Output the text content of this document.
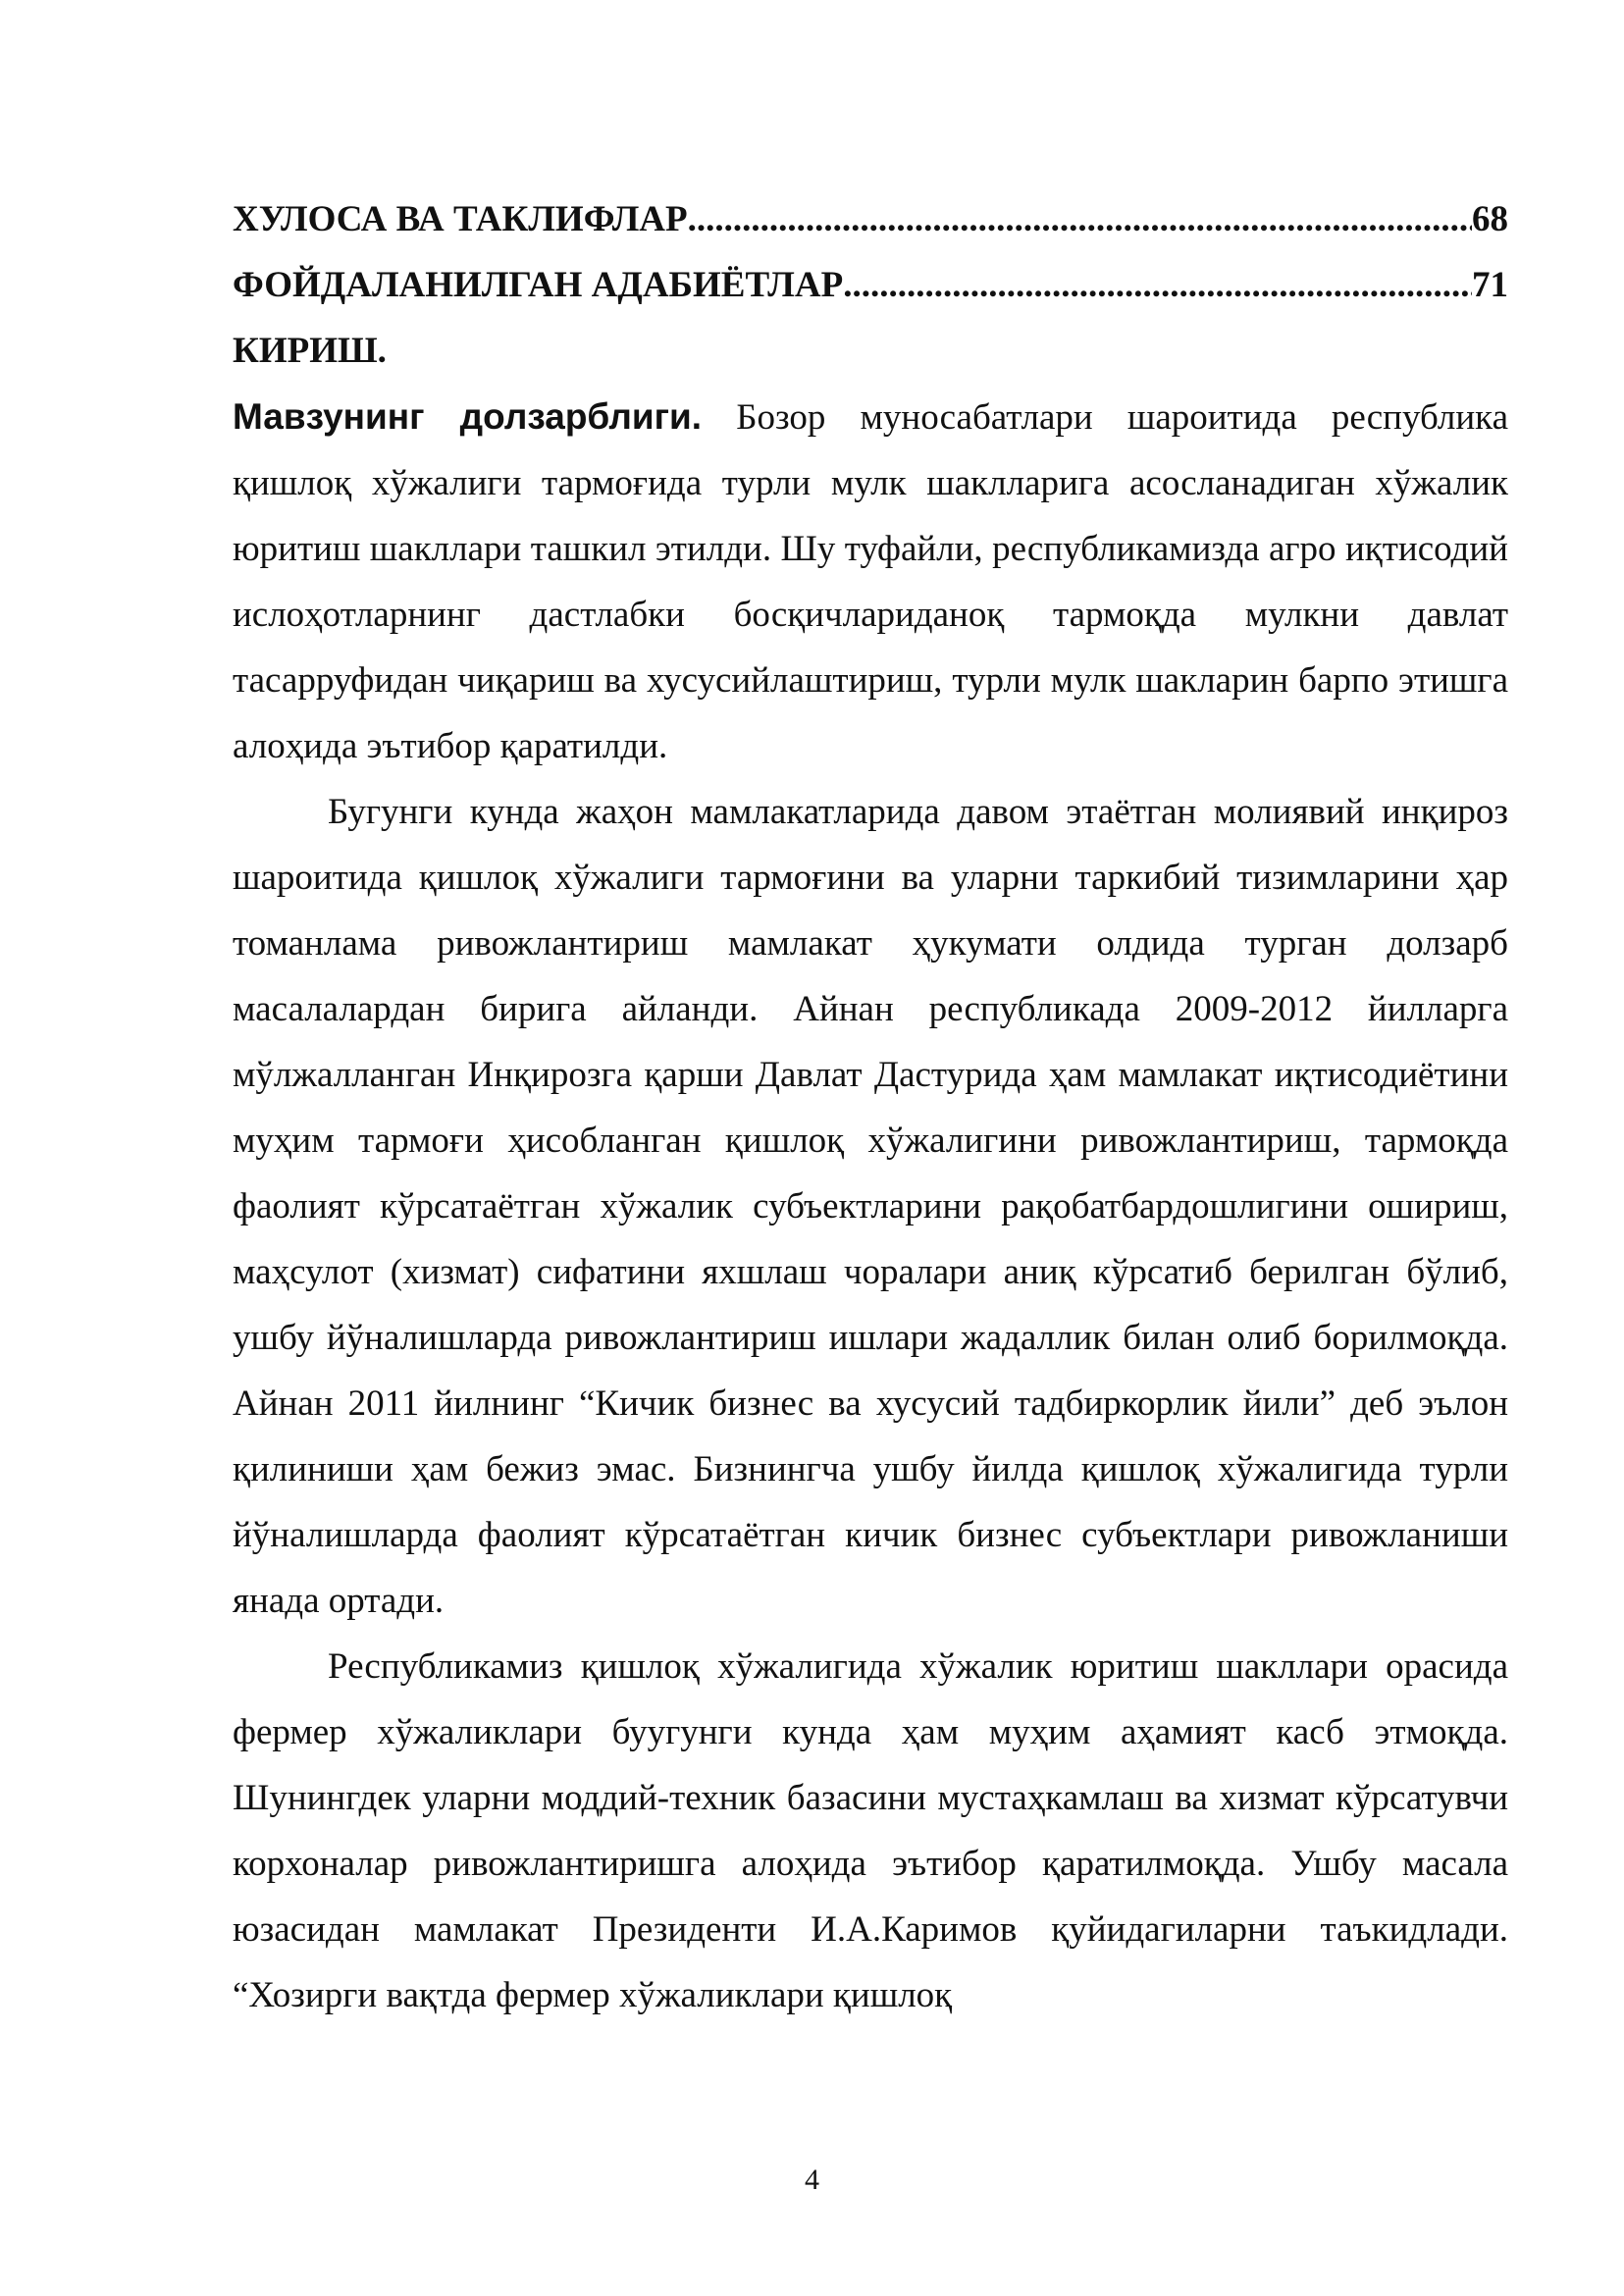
ХУЛОСА ВА ТАКЛИФЛАР .....	68
ФОЙДАЛАНИЛГАН АДАБИЁТЛАР .....	71
КИРИШ.

Мавзунинг долзарблиги. Бозор муносабатлари шароитида республика қишлоқ хўжалиги тармоғида турли мулк шаклларига асосланадиган хўжалик юритиш шакллари ташкил этилди. Шу туфайли, республикамизда агро иқтисодий ислоҳотларнинг дастлабки босқичлариданоқ тармоқда мулкни давлат тасарруфидан чиқариш ва хусусийлаштириш, турли мулк шакларин барпо этишга алоҳида эътибор қаратилди.

Бугунги кунда жаҳон мамлакатларида давом этаётган молиявий инқироз шароитида қишлоқ хўжалиги тармоғини ва уларни таркибий тизимларини ҳар томанлама ривожлантириш мамлакат ҳукумати олдида турган долзарб масалалардан бирига айланди. Айнан республикада 2009-2012 йилларга мўлжалланган Инқирозга қарши Давлат Дастурида ҳам мамлакат иқтисодиётини муҳим тармоғи ҳисобланган қишлоқ хўжалигини ривожлантириш, тармоқда фаолият кўрсатаётган хўжалик субъектларини рақобатбардошлигини ошириш, маҳсулот (хизмат) сифатини яхшлаш чоралари аниқ кўрсатиб берилган бўлиб, ушбу йўналишларда ривожлантириш ишлари жадаллик билан олиб борилмоқда. Айнан 2011 йилнинг “Кичик бизнес ва хусусий тадбиркорлик йили” деб эълон қилиниши ҳам бежиз эмас. Бизнингча ушбу йилда қишлоқ хўжалигида турли йўналишларда фаолият кўрсатаётган кичик бизнес субъектлари ривожланиши янада ортади.

Республикамиз қишлоқ хўжалигида хўжалик юритиш шакллари орасида фермер хўжаликлари буугунги кунда ҳам муҳим аҳамият касб этмоқда. Шунингдек уларни моддий-техник базасини мустаҳкамлаш ва хизмат кўрсатувчи корхоналар ривожлантиришга алоҳида эътибор қаратилмоқда. Ушбу масала юзасидан мамлакат Президенти И.А.Каримов қуйидагиларни таъкидлади. “Хозирги вақтда фермер хўжаликлари қишлоқ

4
